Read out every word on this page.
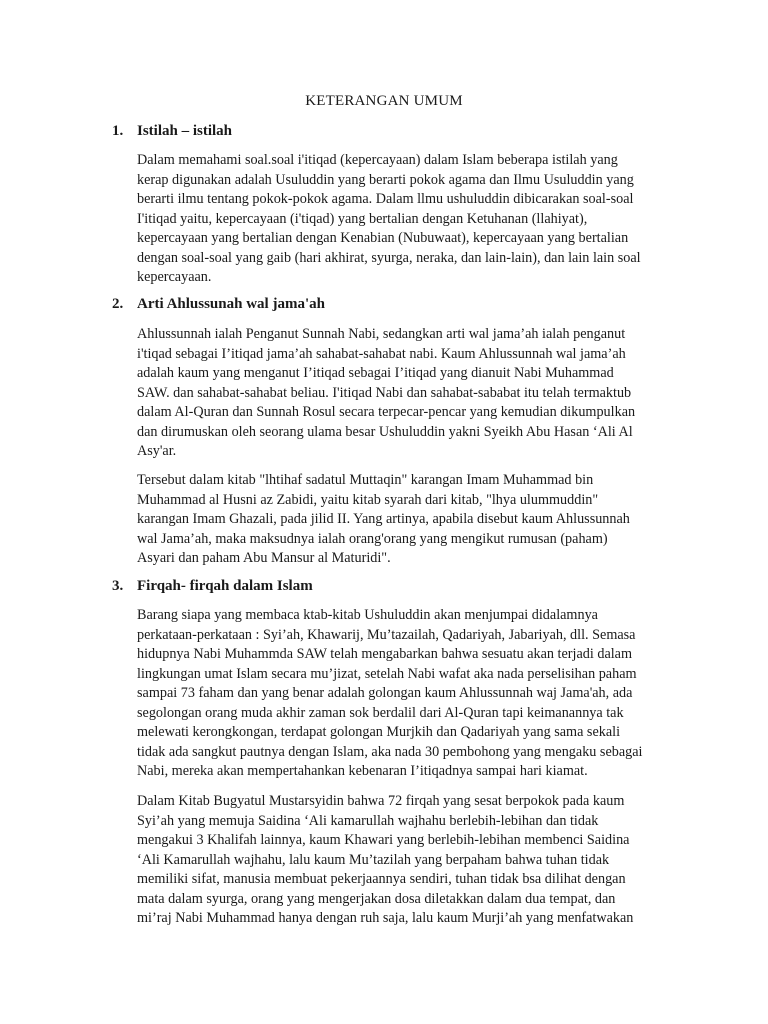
KETERANGAN UMUM
1. Istilah – istilah
Dalam memahami soal.soal i'itiqad (kepercayaan) dalam Islam beberapa istilah yang
kerap digunakan adalah Usuluddin yang berarti pokok agama dan Ilmu Usuluddin yang
berarti ilmu tentang pokok-pokok agama. Dalam llmu ushuluddin dibicarakan soal-soal
I'itiqad yaitu, kepercayaan (i'tiqad) yang bertalian dengan Ketuhanan (llahiyat),
kepercayaan yang bertalian dengan Kenabian (Nubuwaat), kepercayaan yang bertalian
dengan soal-soal yang gaib (hari akhirat, syurga, neraka, dan lain-lain), dan lain lain soal
kepercayaan.
2. Arti Ahlussunah wal jama'ah
Ahlussunnah ialah Penganut Sunnah Nabi, sedangkan arti wal jama’ah ialah penganut
i'tiqad sebagai I’itiqad jama’ah sahabat-sahabat nabi. Kaum Ahlussunnah wal jama’ah
adalah kaum yang menganut I’itiqad sebagai I’itiqad yang dianuit Nabi Muhammad
SAW. dan sahabat-sahabat beliau. I'itiqad Nabi dan sahabat-sababat itu telah termaktub
dalam Al-Quran dan Sunnah Rosul secara terpecar-pencar yang kemudian dikumpulkan
dan dirumuskan oleh seorang ulama besar Ushuluddin yakni Syeikh Abu Hasan ‘Ali Al
Asy'ar.
Tersebut dalam kitab "lhtihaf sadatul Muttaqin" karangan Imam Muhammad bin
Muhammad al Husni az Zabidi, yaitu kitab syarah dari kitab, "lhya ulummuddin"
karangan Imam Ghazali, pada jilid II. Yang artinya, apabila disebut kaum Ahlussunnah
wal Jama’ah, maka maksudnya ialah orang'orang yang mengikut rumusan (paham)
Asyari dan paham Abu Mansur al Maturidi".
3. Firqah- firqah dalam Islam
Barang siapa yang membaca ktab-kitab Ushuluddin akan menjumpai didalamnya
perkataan-perkataan : Syi’ah, Khawarij, Mu’tazailah, Qadariyah, Jabariyah, dll. Semasa
hidupnya Nabi Muhammda SAW telah mengabarkan bahwa sesuatu akan terjadi dalam
lingkungan umat Islam secara mu’jizat, setelah Nabi wafat aka nada perselisihan paham
sampai 73 faham dan yang benar adalah golongan kaum Ahlussunnah waj Jama'ah, ada
segolongan orang muda akhir zaman sok berdalil dari Al-Quran tapi keimanannya tak
melewati kerongkongan, terdapat golongan Murjkih dan Qadariyah yang sama sekali
tidak ada sangkut pautnya dengan Islam, aka nada 30 pembohong yang mengaku sebagai
Nabi, mereka akan mempertahankan kebenaran I’itiqadnya sampai hari kiamat.
Dalam Kitab Bugyatul Mustarsyidin bahwa 72 firqah yang sesat berpokok pada kaum
Syi’ah yang memuja Saidina ‘Ali kamarullah wajhahu berlebih-lebihan dan tidak
mengakui 3 Khalifah lainnya, kaum Khawari yang berlebih-lebihan membenci Saidina
‘Ali Kamarullah wajhahu, lalu kaum Mu’tazilah yang berpaham bahwa tuhan tidak
memiliki sifat, manusia membuat pekerjaannya sendiri, tuhan tidak bsa dilihat dengan
mata dalam syurga, orang yang mengerjakan dosa diletakkan dalam dua tempat, dan
mi’raj Nabi Muhammad hanya dengan ruh saja, lalu kaum Murji’ah yang menfatwakan
